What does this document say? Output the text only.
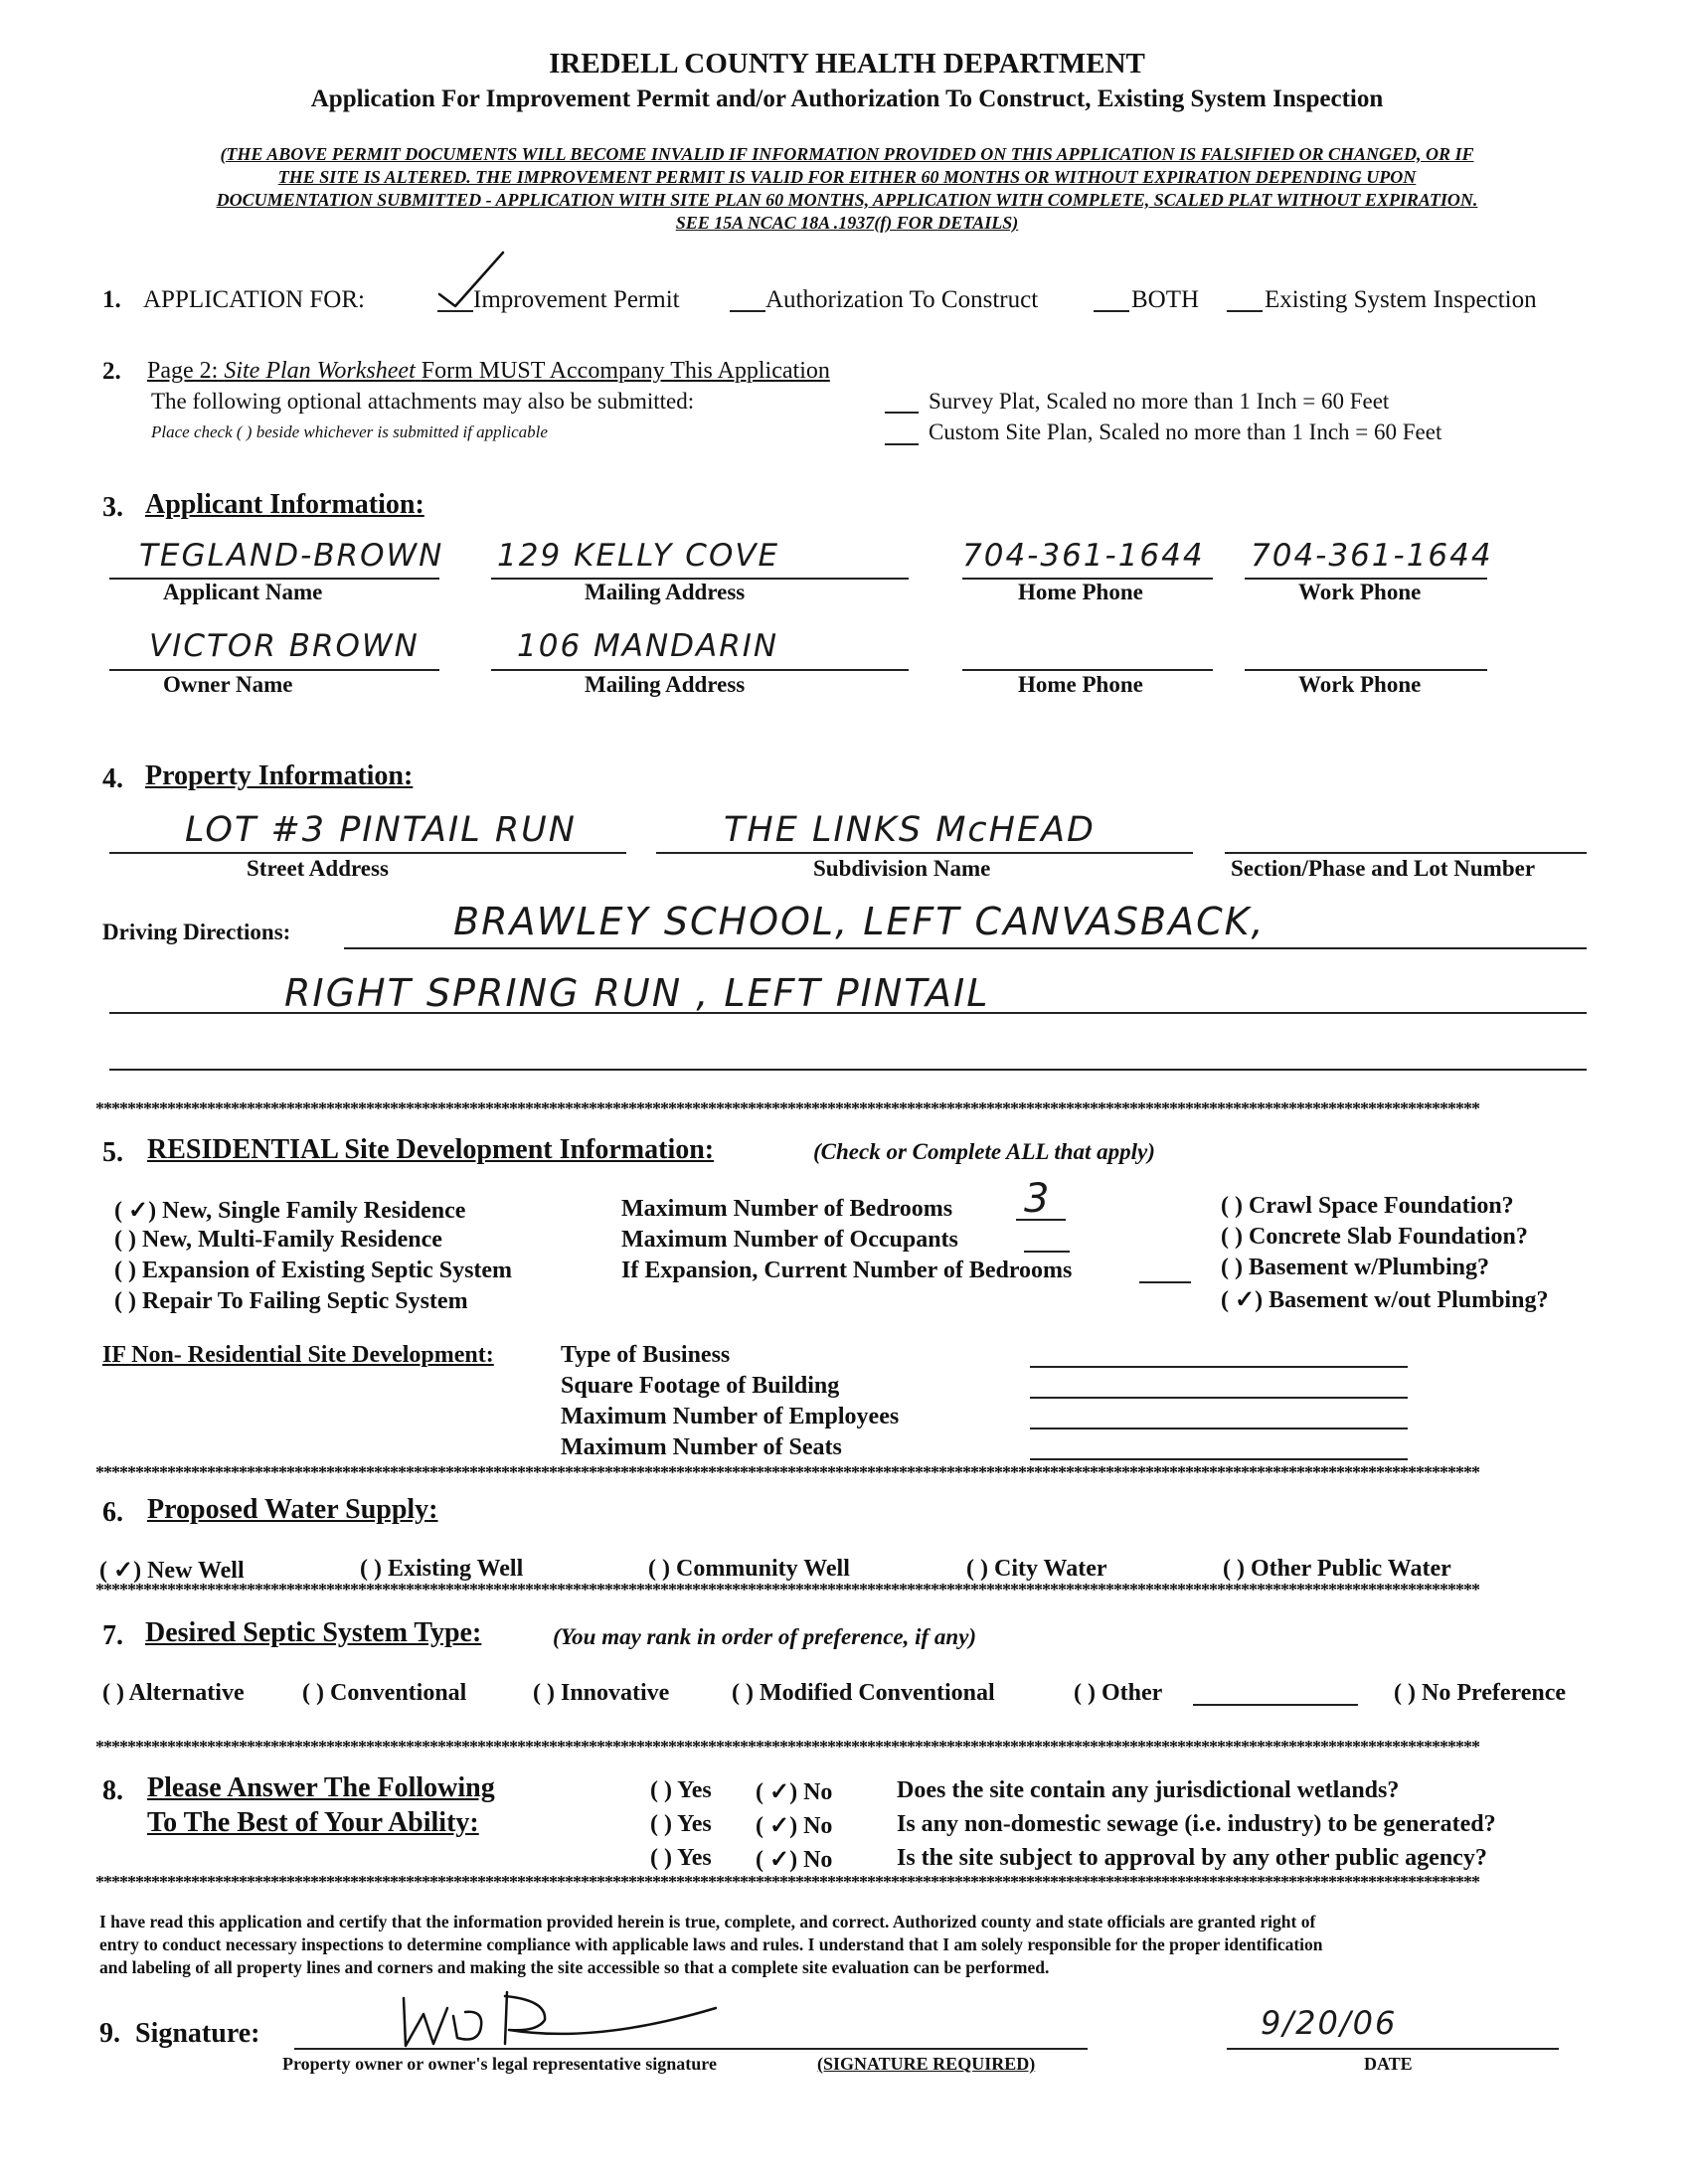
IREDELL COUNTY HEALTH DEPARTMENT
Application For Improvement Permit and/or Authorization To Construct, Existing System Inspection
(THE ABOVE PERMIT DOCUMENTS WILL BECOME INVALID IF INFORMATION PROVIDED ON THIS APPLICATION IS FALSIFIED OR CHANGED, OR IF
THE SITE IS ALTERED. THE IMPROVEMENT PERMIT IS VALID FOR EITHER 60 MONTHS OR WITHOUT EXPIRATION DEPENDING UPON
DOCUMENTATION SUBMITTED - APPLICATION WITH SITE PLAN 60 MONTHS, APPLICATION WITH COMPLETE, SCALED PLAT WITHOUT EXPIRATION.
SEE 15A NCAC 18A .1937(f) FOR DETAILS)
1. APPLICATION FOR:	Improvement Permit	Authorization To Construct	BOTH	Existing System Inspection
2. Page 2: Site Plan Worksheet Form MUST Accompany This Application
The following optional attachments may also be submitted:
Place check ( ) beside whichever is submitted if applicable
Survey Plat, Scaled no more than 1 Inch = 60 Feet
Custom Site Plan, Scaled no more than 1 Inch = 60 Feet
3. Applicant Information:
TEGLAND-BROWN 129 KELLY COVE	704-361-1644 704-361-1644
Applicant Name	Mailing Address	Home Phone	Work Phone
VICTOR BROWN	106 MANDARIN
Owner Name	Mailing Address	Home Phone	Work Phone
4. Property Information:
LOT #3 PINTAIL RUN	THE LINKS McHEAD
Street Address	Subdivision Name	Section/Phase and Lot Number
Driving Directions:	BRAWLEY SCHOOL, LEFT CANVASBACK,
RIGHT SPRING RUN , LEFT PINTAIL
******************************************************************************************************************************************************************************
5. RESIDENTIAL Site Development Information:	(Check or Complete ALL that apply)
( ✓) New, Single Family Residence
( ) New, Multi-Family Residence
( ) Expansion of Existing Septic System
( ) Repair To Failing Septic System
Maximum Number of Bedrooms 3
Maximum Number of Occupants
If Expansion, Current Number of Bedrooms
( ) Crawl Space Foundation?
( ) Concrete Slab Foundation?
( ) Basement w/Plumbing?
( ✓) Basement w/out Plumbing?
IF Non- Residential Site Development:	Type of Business
Square Footage of Building
Maximum Number of Employees
Maximum Number of Seats
******************************************************************************************************************************************************************************
6. Proposed Water Supply:
( ✓) New Well	( ) Existing Well	( ) Community Well	( ) City Water	( ) Other Public Water
******************************************************************************************************************************************************************************
7. Desired Septic System Type:	(You may rank in order of preference, if any)
( ) Alternative ( ) Conventional	( ) Innovative	( ) Modified Conventional	( ) Other	( ) No Preference
******************************************************************************************************************************************************************************
8. Please Answer The Following
To The Best of Your Ability:
( ) Yes ( ✓) No	Does the site contain any jurisdictional wetlands?
( ) Yes ( ✓) No	Is any non-domestic sewage (i.e. industry) to be generated?
( ) Yes ( ✓) No	Is the site subject to approval by any other public agency?
******************************************************************************************************************************************************************************
I have read this application and certify that the information provided herein is true, complete, and correct. Authorized county and state officials are granted right of
entry to conduct necessary inspections to determine compliance with applicable laws and rules. I understand that I am solely responsible for the proper identification
and labeling of all property lines and corners and making the site accessible so that a complete site evaluation can be performed.
9. Signature:
Property owner or owner's legal representative signature	(SIGNATURE REQUIRED)
9/20/06
DATE
